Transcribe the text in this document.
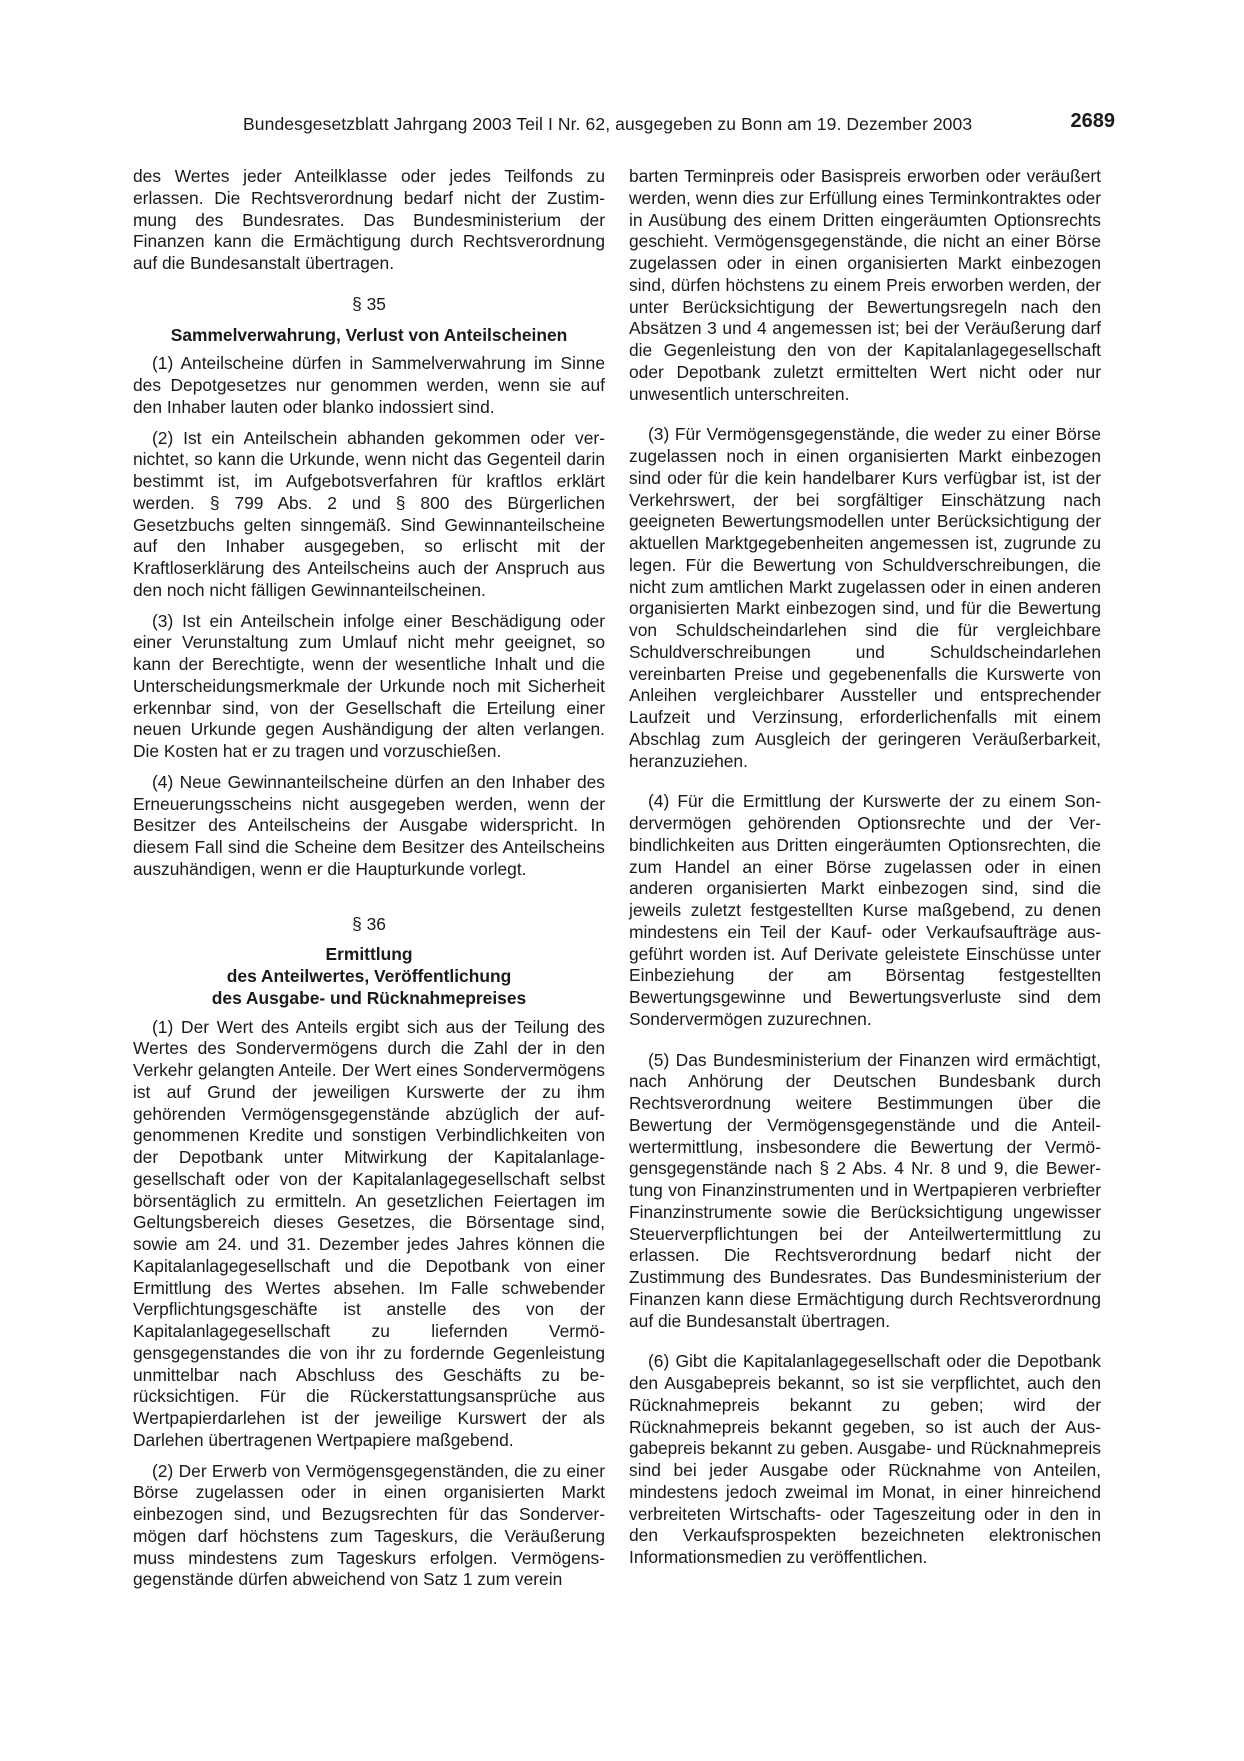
Bundesgesetzblatt Jahrgang 2003 Teil I Nr. 62, ausgegeben zu Bonn am 19. Dezember 2003	2689

des Wertes jeder Anteilklasse oder jedes Teilfonds zu erlassen. Die Rechtsverordnung bedarf nicht der Zustimmung des Bundesrates. Das Bundesministerium der Finanzen kann die Ermächtigung durch Rechtsverordnung auf die Bundesanstalt übertragen.

§ 35
Sammelverwahrung, Verlust von Anteilscheinen

(1) Anteilscheine dürfen in Sammelverwahrung im Sinne des Depotgesetzes nur genommen werden, wenn sie auf den Inhaber lauten oder blanko indossiert sind.

(2) Ist ein Anteilschein abhanden gekommen oder vernichtet, so kann die Urkunde, wenn nicht das Gegenteil darin bestimmt ist, im Aufgebotsverfahren für kraftlos erklärt werden. § 799 Abs. 2 und § 800 des Bürgerlichen Gesetzbuchs gelten sinngemäß. Sind Gewinnanteilscheine auf den Inhaber ausgegeben, so erlischt mit der Kraftloserklärung des Anteilscheins auch der Anspruch aus den noch nicht fälligen Gewinnanteilscheinen.

(3) Ist ein Anteilschein infolge einer Beschädigung oder einer Verunstaltung zum Umlauf nicht mehr geeignet, so kann der Berechtigte, wenn der wesentliche Inhalt und die Unterscheidungsmerkmale der Urkunde noch mit Sicherheit erkennbar sind, von der Gesellschaft die Erteilung einer neuen Urkunde gegen Aushändigung der alten verlangen. Die Kosten hat er zu tragen und vorzuschießen.

(4) Neue Gewinnanteilscheine dürfen an den Inhaber des Erneuerungsscheins nicht ausgegeben werden, wenn der Besitzer des Anteilscheins der Ausgabe widerspricht. In diesem Fall sind die Scheine dem Besitzer des Anteilscheins auszuhändigen, wenn er die Haupturkunde vorlegt.

§ 36
Ermittlung
des Anteilwertes, Veröffentlichung
des Ausgabe- und Rücknahmepreises

(1) Der Wert des Anteils ergibt sich aus der Teilung des Wertes des Sondervermögens durch die Zahl der in den Verkehr gelangten Anteile. Der Wert eines Sondervermögens ist auf Grund der jeweiligen Kurswerte der zu ihm gehörenden Vermögensgegenstände abzüglich der aufgenommenen Kredite und sonstigen Verbindlichkeiten von der Depotbank unter Mitwirkung der Kapitalanlagegesellschaft oder von der Kapitalanlagegesellschaft selbst börsentäglich zu ermitteln. An gesetzlichen Feiertagen im Geltungsbereich dieses Gesetzes, die Börsentage sind, sowie am 24. und 31. Dezember jedes Jahres können die Kapitalanlagegesellschaft und die Depotbank von einer Ermittlung des Wertes absehen. Im Falle schwebender Verpflichtungsgeschäfte ist anstelle des von der Kapitalanlagegesellschaft zu liefernden Vermögensgegenstandes die von ihr zu fordernde Gegenleistung unmittelbar nach Abschluss des Geschäfts zu berücksichtigen. Für die Rückerstattungsansprüche aus Wertpapierdarlehen ist der jeweilige Kurswert der als Darlehen übertragenen Wertpapiere maßgebend.

(2) Der Erwerb von Vermögensgegenständen, die zu einer Börse zugelassen oder in einen organisierten Markt einbezogen sind, und Bezugsrechten für das Sondervermögen darf höchstens zum Tageskurs, die Veräußerung muss mindestens zum Tageskurs erfolgen. Vermögensgegenstände dürfen abweichend von Satz 1 zum verein

barten Terminpreis oder Basispreis erworben oder veräußert werden, wenn dies zur Erfüllung eines Terminkontraktes oder in Ausübung des einem Dritten eingeräumten Optionsrechts geschieht. Vermögensgegenstände, die nicht an einer Börse zugelassen oder in einen organisierten Markt einbezogen sind, dürfen höchstens zu einem Preis erworben werden, der unter Berücksichtigung der Bewertungsregeln nach den Absätzen 3 und 4 angemessen ist; bei der Veräußerung darf die Gegenleistung den von der Kapitalanlagegesellschaft oder Depotbank zuletzt ermittelten Wert nicht oder nur unwesentlich unterschreiten.

(3) Für Vermögensgegenstände, die weder zu einer Börse zugelassen noch in einen organisierten Markt einbezogen sind oder für die kein handelbarer Kurs verfügbar ist, ist der Verkehrswert, der bei sorgfältiger Einschätzung nach geeigneten Bewertungsmodellen unter Berücksichtigung der aktuellen Marktgegebenheiten angemessen ist, zugrunde zu legen. Für die Bewertung von Schuldverschreibungen, die nicht zum amtlichen Markt zugelassen oder in einen anderen organisierten Markt einbezogen sind, und für die Bewertung von Schuldscheindarlehen sind die für vergleichbare Schuldverschreibungen und Schuldscheindarlehen vereinbarten Preise und gegebenenfalls die Kurswerte von Anleihen vergleichbarer Aussteller und entsprechender Laufzeit und Verzinsung, erforderlichenfalls mit einem Abschlag zum Ausgleich der geringeren Veräußerbarkeit, heranzuziehen.

(4) Für die Ermittlung der Kurswerte der zu einem Sondervermögen gehörenden Optionsrechte und der Verbindlichkeiten aus Dritten eingeräumten Optionsrechten, die zum Handel an einer Börse zugelassen oder in einen anderen organisierten Markt einbezogen sind, sind die jeweils zuletzt festgestellten Kurse maßgebend, zu denen mindestens ein Teil der Kauf- oder Verkaufsaufträge ausgeführt worden ist. Auf Derivate geleistete Einschüsse unter Einbeziehung der am Börsentag festgestellten Bewertungsgewinne und Bewertungsverluste sind dem Sondervermögen zuzurechnen.

(5) Das Bundesministerium der Finanzen wird ermächtigt, nach Anhörung der Deutschen Bundesbank durch Rechtsverordnung weitere Bestimmungen über die Bewertung der Vermögensgegenstände und die Anteilwertermittlung, insbesondere die Bewertung der Vermögensgegenstände nach § 2 Abs. 4 Nr. 8 und 9, die Bewertung von Finanzinstrumenten und in Wertpapieren verbriefter Finanzinstrumente sowie die Berücksichtigung ungewisser Steuerverpflichtungen bei der Anteilwertermittlung zu erlassen. Die Rechtsverordnung bedarf nicht der Zustimmung des Bundesrates. Das Bundesministerium der Finanzen kann diese Ermächtigung durch Rechtsverordnung auf die Bundesanstalt übertragen.

(6) Gibt die Kapitalanlagegesellschaft oder die Depotbank den Ausgabepreis bekannt, so ist sie verpflichtet, auch den Rücknahmepreis bekannt zu geben; wird der Rücknahmepreis bekannt gegeben, so ist auch der Ausgabepreis bekannt zu geben. Ausgabe- und Rücknahmepreis sind bei jeder Ausgabe oder Rücknahme von Anteilen, mindestens jedoch zweimal im Monat, in einer hinreichend verbreiteten Wirtschafts- oder Tageszeitung oder in den in den Verkaufsprospekten bezeichneten elektronischen Informationsmedien zu veröffentlichen.
